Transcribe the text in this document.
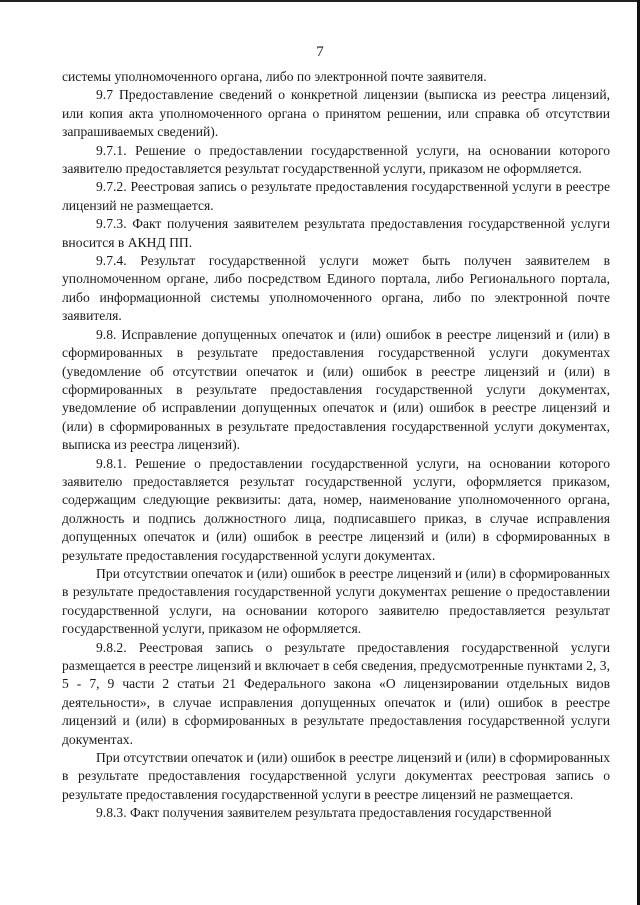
7

системы уполномоченного органа, либо по электронной почте заявителя.

9.7 Предоставление сведений о конкретной лицензии (выписка из реестра лицензий, или копия акта уполномоченного органа о принятом решении, или справка об отсутствии запрашиваемых сведений).

9.7.1. Решение о предоставлении государственной услуги, на основании которого заявителю предоставляется результат государственной услуги, приказом не оформляется.

9.7.2. Реестровая запись о результате предоставления государственной услуги в реестре лицензий не размещается.

9.7.3. Факт получения заявителем результата предоставления государственной услуги вносится в АКНД ПП.

9.7.4. Результат государственной услуги может быть получен заявителем в уполномоченном органе, либо посредством Единого портала, либо Регионального портала, либо информационной системы уполномоченного органа, либо по электронной почте заявителя.

9.8. Исправление допущенных опечаток и (или) ошибок в реестре лицензий и (или) в сформированных в результате предоставления государственной услуги документах (уведомление об отсутствии опечаток и (или) ошибок в реестре лицензий и (или) в сформированных в результате предоставления государственной услуги документах, уведомление об исправлении допущенных опечаток и (или) ошибок в реестре лицензий и (или) в сформированных в результате предоставления государственной услуги документах, выписка из реестра лицензий).

9.8.1. Решение о предоставлении государственной услуги, на основании которого заявителю предоставляется результат государственной услуги, оформляется приказом, содержащим следующие реквизиты: дата, номер, наименование уполномоченного органа, должность и подпись должностного лица, подписавшего приказ, в случае исправления допущенных опечаток и (или) ошибок в реестре лицензий и (или) в сформированных в результате предоставления государственной услуги документах.

При отсутствии опечаток и (или) ошибок в реестре лицензий и (или) в сформированных в результате предоставления государственной услуги документах решение о предоставлении государственной услуги, на основании которого заявителю предоставляется результат государственной услуги, приказом не оформляется.

9.8.2. Реестровая запись о результате предоставления государственной услуги размещается в реестре лицензий и включает в себя сведения, предусмотренные пунктами 2, 3, 5 - 7, 9 части 2 статьи 21 Федерального закона «О лицензировании отдельных видов деятельности», в случае исправления допущенных опечаток и (или) ошибок в реестре лицензий и (или) в сформированных в результате предоставления государственной услуги документах.

При отсутствии опечаток и (или) ошибок в реестре лицензий и (или) в сформированных в результате предоставления государственной услуги документах реестровая запись о результате предоставления государственной услуги в реестре лицензий не размещается.

9.8.3. Факт получения заявителем результата предоставления государственной
